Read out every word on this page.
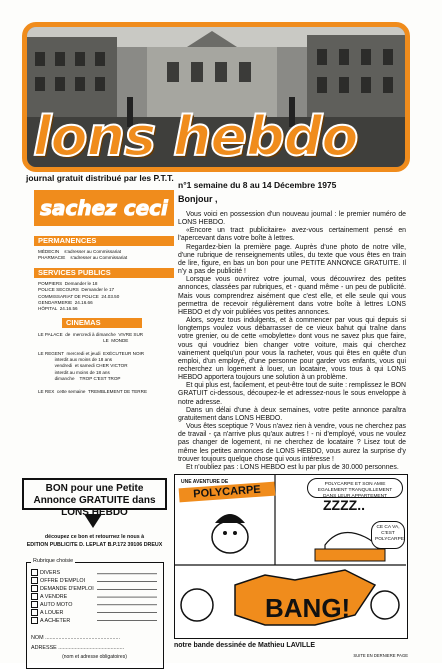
lons hebdo
journal gratuit distribué par les P.T.T.
n°1 semaine du 8 au 14 Décembre 1975
sachez ceci
PERMANENCES
MÉDECIN    s'adresser au Commissariat
PHARMACIE    s'adresser au Commissariat
SERVICES PUBLICS
POMPIERS  Demander le 18
POLICE SECOURS  Demander le 17
COMMISSARIAT DE POLICE  24.03.50
GENDARMERIE  24.16.66
HÔPITAL  24.16.56
CINEMAS
LE PALACE  de  mercredi à dimanche  VIVRE SUR
LE  MONDE

LE REGENT  mercredi et jeudi  EXÉCUTEUR NOIR
interdit aux moins de 18 ans
vendredi  et samedi CHER VICTOR
interdit au moins de 18 ans
dimanche    TROP C'EST TROP

LE REX  cette semaine  TREMBLEMENT DE TERRE
Bonjour ,

Vous voici en possession d'un nouveau journal : le premier numéro de LONS HEBDO.

«Encore un tract publicitaire» avez-vous certainement pensé en l'apercevant dans votre boîte à lettres.

Regardez-bien la première page. Auprès d'une photo de notre ville, d'une rubrique de renseignements utiles, du texte que vous êtes en train de lire, figure, en bas un bon pour une PETITE ANNONCE GRATUITE. Il n'y a pas de publicité !

Lorsque vous ouvrirez votre journal, vous découvrirez des petites annonces, classées par rubriques, et - quand même - un peu de publicité. Mais vous comprendrez aisément que c'est elle, et elle seule qui vous permettra de recevoir régulièrement dans votre boîte à lettres LONS HEBDO et d'y voir publiées vos petites annonces.

Alors, soyez tous indulgents, et à commencer par vous qui depuis si longtemps voulez vous débarrasser de ce vieux bahut qui traîne dans votre grenier, ou de cette «mobylette» dont vous ne savez plus que faire, vous qui voudriez bien changer votre voiture, mais qui cherchez vainement quelqu'un pour vous la racheter, vous qui êtes en quête d'un emploi, d'un employé, d'une personne pour garder vos enfants, vous qui recherchez un logement à louer, un locataire, vous tous à qui LONS HEBDO apportera toujours une solution à un problème.

Et qui plus est, facilement, et peut-être tout de suite : remplissez le BON GRATUIT ci-dessous, découpez-le et adressez-nous le sous enveloppe à notre adresse.

Dans un délai d'une à deux semaines, votre petite annonce paraîtra gratuitement dans LONS HEBDO.

Vous êtes sceptique ? Vous n'avez rien à vendre, vous ne cherchez pas de travail - ça n'arrive plus qu'aux autres ! - ni d'employé, vous ne voulez pas changer de logement, ni ne cherchez de locataire ? Lisez tout de même les petites annonces de LONS HEBDO, vous aurez la surprise d'y trouver toujours quelque chose qui vous intéresse !

Et n'oubliez pas : LONS HEBDO est lu par plus de 30.000 personnes.

BON pour une Petite Annonce GRATUITE dans LONS HEBDO
découpez ce bon et retournez le nous à
EDITION PUBLICITE D. LEPLAT B.P.172 39106 DREUX
Rubrique choisie
DIVERS
OFFRE D'EMPLOI
DEMANDE D'EMPLOI
A VENDRE
AUTO MOTO
A LOUER
A ACHETER
NOM ..................................................
ADRESSE ............................................
(nom et adresse obligatoires)
UNE AVENTURE DE
POLYCARPE	POLYCARPE ET SON AMIE EGALEMENT TRANQUILLEMENT DANS LEUR APPARTEMENT
ZZZZ..
CE CA VA, C'EST POLYCARPE!
BANG!
notre bande dessinée de Mathieu LAVILLE
SUITE EN DERNIERE PAGE
